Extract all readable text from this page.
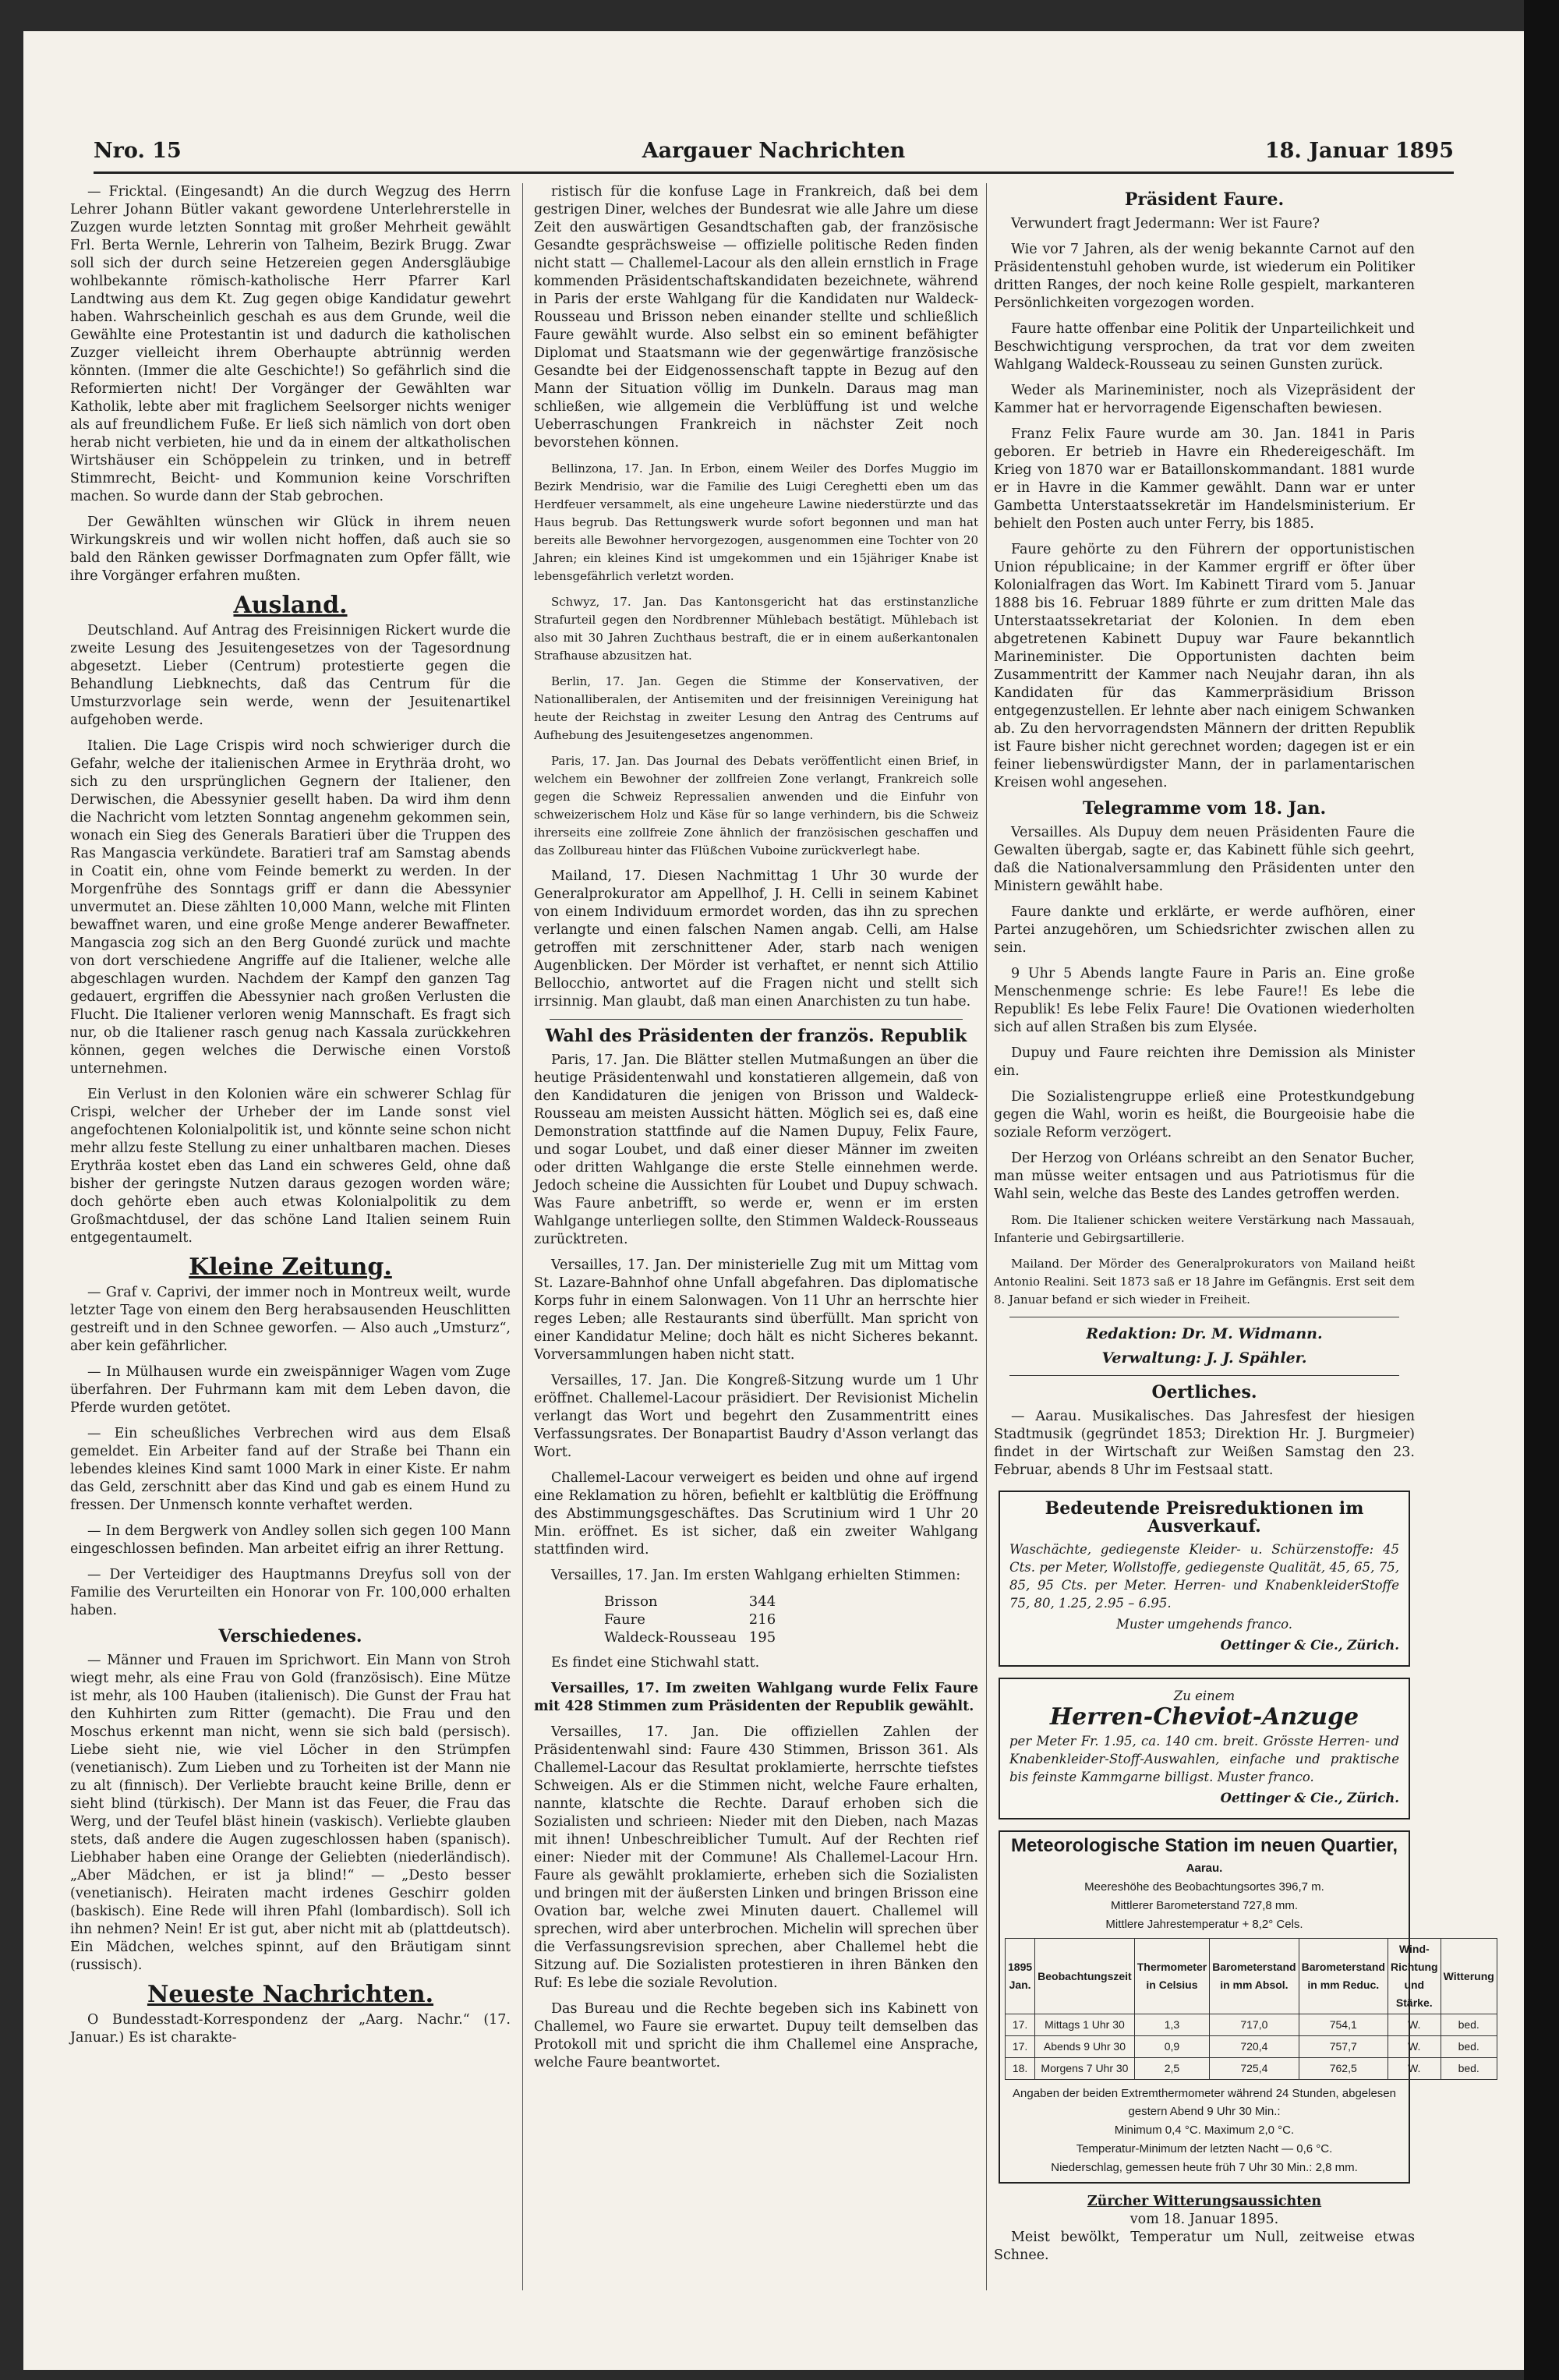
Nro. 15	Aargauer Nachrichten	18. Januar 1895

— Fricktal. (Eingesandt) An die durch Wegzug des Herrn Lehrer Johann Bütler vakant gewordene Unterlehrerstelle in Zuzgen wurde letzten Sonntag mit großer Mehrheit gewählt Frl. Berta Wernle, Lehrerin von Talheim, Bezirk Brugg. Zwar soll sich der durch seine Hetzereien gegen Andersgläubige wohlbekannte römisch-katholische Herr Pfarrer Karl Landtwing aus dem Kt. Zug gegen obige Kandidatur gewehrt haben. Wahrscheinlich geschah es aus dem Grunde, weil die Gewählte eine Protestantin ist und dadurch die katholischen Zuzger vielleicht ihrem Oberhaupte abtrünnig werden könnten. (Immer die alte Geschichte!) So gefährlich sind die Reformierten nicht! Der Vorgänger der Gewählten war Katholik, lebte aber mit fraglichem Seelsorger nichts weniger als auf freundlichem Fuße. Er ließ sich nämlich von dort oben herab nicht verbieten, hie und da in einem der altkatholischen Wirtshäuser ein Schöppelein zu trinken, und in betreff Stimmrecht, Beicht- und Kommunion keine Vorschriften machen. So wurde dann der Stab gebrochen.

Der Gewählten wünschen wir Glück in ihrem neuen Wirkungskreis und wir wollen nicht hoffen, daß auch sie so bald den Ränken gewisser Dorfmagnaten zum Opfer fällt, wie ihre Vorgänger erfahren mußten.

Ausland.

Deutschland. Auf Antrag des Freisinnigen Rickert wurde die zweite Lesung des Jesuitengesetzes von der Tagesordnung abgesetzt. Lieber (Centrum) protestierte gegen die Behandlung Liebknechts, daß das Centrum für die Umsturzvorlage sein werde, wenn der Jesuitenartikel aufgehoben werde.

Italien. Die Lage Crispis wird noch schwieriger durch die Gefahr, welche der italienischen Armee in Erythräa droht, wo sich zu den ursprünglichen Gegnern der Italiener, den Derwischen, die Abessynier gesellt haben. Da wird ihm denn die Nachricht vom letzten Sonntag angenehm gekommen sein, wonach ein Sieg des Generals Baratieri über die Truppen des Ras Mangascia verkündete. Baratieri traf am Samstag abends in Coatit ein, ohne vom Feinde bemerkt zu werden. In der Morgenfrühe des Sonntags griff er dann die Abessynier unvermutet an. Diese zählten 10,000 Mann, welche mit Flinten bewaffnet waren, und eine große Menge anderer Bewaffneter. Mangascia zog sich an den Berg Guondé zurück und machte von dort verschiedene Angriffe auf die Italiener, welche alle abgeschlagen wurden. Nachdem der Kampf den ganzen Tag gedauert, ergriffen die Abessynier nach großen Verlusten die Flucht. Die Italiener verloren wenig Mannschaft. Es fragt sich nur, ob die Italiener rasch genug nach Kassala zurückkehren können, gegen welches die Derwische einen Vorstoß unternehmen.

Ein Verlust in den Kolonien wäre ein schwerer Schlag für Crispi, welcher der Urheber der im Lande sonst viel angefochtenen Kolonialpolitik ist, und könnte seine schon nicht mehr allzu feste Stellung zu einer unhaltbaren machen. Dieses Erythräa kostet eben das Land ein schweres Geld, ohne daß bisher der geringste Nutzen daraus gezogen worden wäre; doch gehörte eben auch etwas Kolonialpolitik zu dem Großmachtdusel, der das schöne Land Italien seinem Ruin entgegentaumelt.

Kleine Zeitung.

— Graf v. Caprivi, der immer noch in Montreux weilt, wurde letzter Tage von einem den Berg herabsausenden Heuschlitten gestreift und in den Schnee geworfen. — Also auch „Umsturz“, aber kein gefährlicher.

— In Mülhausen wurde ein zweispänniger Wagen vom Zuge überfahren. Der Fuhrmann kam mit dem Leben davon, die Pferde wurden getötet.

— Ein scheußliches Verbrechen wird aus dem Elsaß gemeldet. Ein Arbeiter fand auf der Straße bei Thann ein lebendes kleines Kind samt 1000 Mark in einer Kiste. Er nahm das Geld, zerschnitt aber das Kind und gab es einem Hund zu fressen. Der Unmensch konnte verhaftet werden.

— In dem Bergwerk von Andley sollen sich gegen 100 Mann eingeschlossen befinden. Man arbeitet eifrig an ihrer Rettung.

— Der Verteidiger des Hauptmanns Dreyfus soll von der Familie des Verurteilten ein Honorar von Fr. 100,000 erhalten haben.

Verschiedenes.

— Männer und Frauen im Sprichwort. Ein Mann von Stroh wiegt mehr, als eine Frau von Gold (französisch). Eine Mütze ist mehr, als 100 Hauben (italienisch). Die Gunst der Frau hat den Kuhhirten zum Ritter (gemacht). Die Frau und den Moschus erkennt man nicht, wenn sie sich bald (persisch). Liebe sieht nie, wie viel Löcher in den Strümpfen (venetianisch). Zum Lieben und zu Torheiten ist der Mann nie zu alt (finnisch). Der Verliebte braucht keine Brille, denn er sieht blind (türkisch). Der Mann ist das Feuer, die Frau das Werg, und der Teufel bläst hinein (vaskisch). Verliebte glauben stets, daß andere die Augen zugeschlossen haben (spanisch). Liebhaber haben eine Orange der Geliebten (niederländisch). „Aber Mädchen, er ist ja blind!“ — „Desto besser (venetianisch). Heiraten macht irdenes Geschirr golden (baskisch). Eine Rede will ihren Pfahl (lombardisch). Soll ich ihn nehmen? Nein! Er ist gut, aber nicht mit ab (plattdeutsch). Ein Mädchen, welches spinnt, auf den Bräutigam sinnt (russisch).

Neueste Nachrichten.

O Bundesstadt-Korrespondenz der „Aarg. Nachr.“ (17. Januar.) Es ist charakte-

ristisch für die konfuse Lage in Frankreich, daß bei dem gestrigen Diner, welches der Bundesrat wie alle Jahre um diese Zeit den auswärtigen Gesandtschaften gab, der französische Gesandte gesprächsweise — offizielle politische Reden finden nicht statt — Challemel-Lacour als den allein ernstlich in Frage kommenden Präsidentschaftskandidaten bezeichnete, während in Paris der erste Wahlgang für die Kandidaten nur Waldeck-Rousseau und Brisson neben einander stellte und schließlich Faure gewählt wurde. Also selbst ein so eminent befähigter Diplomat und Staatsmann wie der gegenwärtige französische Gesandte bei der Eidgenossenschaft tappte in Bezug auf den Mann der Situation völlig im Dunkeln. Daraus mag man schließen, wie allgemein die Verblüffung ist und welche Ueberraschungen Frankreich in nächster Zeit noch bevorstehen können.

Bellinzona, 17. Jan. In Erbon, einem Weiler des Dorfes Muggio im Bezirk Mendrisio, war die Familie des Luigi Cereghetti eben um das Herdfeuer versammelt, als eine ungeheure Lawine niederstürzte und das Haus begrub. Das Rettungswerk wurde sofort begonnen und man hat bereits alle Bewohner hervorgezogen, ausgenommen eine Tochter von 20 Jahren; ein kleines Kind ist umgekommen und ein 15jähriger Knabe ist lebensgefährlich verletzt worden.

Schwyz, 17. Jan. Das Kantonsgericht hat das erstinstanzliche Strafurteil gegen den Nordbrenner Mühlebach bestätigt. Mühlebach ist also mit 30 Jahren Zuchthaus bestraft, die er in einem außerkantonalen Strafhause abzusitzen hat.

Berlin, 17. Jan. Gegen die Stimme der Konservativen, der Nationalliberalen, der Antisemiten und der freisinnigen Vereinigung hat heute der Reichstag in zweiter Lesung den Antrag des Centrums auf Aufhebung des Jesuitengesetzes angenommen.

Paris, 17. Jan. Das Journal des Debats veröffentlicht einen Brief, in welchem ein Bewohner der zollfreien Zone verlangt, Frankreich solle gegen die Schweiz Repressalien anwenden und die Einfuhr von schweizerischem Holz und Käse für so lange verhindern, bis die Schweiz ihrerseits eine zollfreie Zone ähnlich der französischen geschaffen und das Zollbureau hinter das Flüßchen Vuboine zurückverlegt habe.

Mailand, 17. Diesen Nachmittag 1 Uhr 30 wurde der Generalprokurator am Appellhof, J. H. Celli in seinem Kabinet von einem Individuum ermordet worden, das ihn zu sprechen verlangte und einen falschen Namen angab. Celli, am Halse getroffen mit zerschnittener Ader, starb nach wenigen Augenblicken. Der Mörder ist verhaftet, er nennt sich Attilio Bellocchio, antwortet auf die Fragen nicht und stellt sich irrsinnig. Man glaubt, daß man einen Anarchisten zu tun habe.

Wahl des Präsidenten der französ. Republik

Paris, 17. Jan. Die Blätter stellen Mutmaßungen an über die heutige Präsidentenwahl und konstatieren allgemein, daß von den Kandidaturen die jenigen von Brisson und Waldeck-Rousseau am meisten Aussicht hätten. Möglich sei es, daß eine Demonstration stattfinde auf die Namen Dupuy, Felix Faure, und sogar Loubet, und daß einer dieser Männer im zweiten oder dritten Wahlgange die erste Stelle einnehmen werde. Jedoch scheine die Aussichten für Loubet und Dupuy schwach. Was Faure anbetrifft, so werde er, wenn er im ersten Wahlgange unterliegen sollte, den Stimmen Waldeck-Rousseaus zurücktreten.

Versailles, 17. Jan. Der ministerielle Zug mit um Mittag vom St. Lazare-Bahnhof ohne Unfall abgefahren. Das diplomatische Korps fuhr in einem Salonwagen. Von 11 Uhr an herrschte hier reges Leben; alle Restaurants sind überfüllt. Man spricht von einer Kandidatur Meline; doch hält es nicht Sicheres bekannt. Vorversammlungen haben nicht statt.

Versailles, 17. Jan. Die Kongreß-Sitzung wurde um 1 Uhr eröffnet. Challemel-Lacour präsidiert. Der Revisionist Michelin verlangt das Wort und begehrt den Zusammentritt eines Verfassungsrates. Der Bonapartist Baudry d'Asson verlangt das Wort.

Challemel-Lacour verweigert es beiden und ohne auf irgend eine Reklamation zu hören, befiehlt er kaltblütig die Eröffnung des Abstimmungsgeschäftes. Das Scrutinium wird 1 Uhr 20 Min. eröffnet. Es ist sicher, daß ein zweiter Wahlgang stattfinden wird.

Versailles, 17. Jan. Im ersten Wahlgang erhielten Stimmen:

Brisson	344
Faure	216
Waldeck-Rousseau	195

Es findet eine Stichwahl statt.

Versailles, 17. Im zweiten Wahlgang wurde Felix Faure mit 428 Stimmen zum Präsidenten der Republik gewählt.

Versailles, 17. Jan. Die offiziellen Zahlen der Präsidentenwahl sind: Faure 430 Stimmen, Brisson 361. Als Challemel-Lacour das Resultat proklamierte, herrschte tiefstes Schweigen. Als er die Stimmen nicht, welche Faure erhalten, nannte, klatschte die Rechte. Darauf erhoben sich die Sozialisten und schrieen: Nieder mit den Dieben, nach Mazas mit ihnen! Unbeschreiblicher Tumult. Auf der Rechten rief einer: Nieder mit der Commune! Als Challemel-Lacour Hrn. Faure als gewählt proklamierte, erheben sich die Sozialisten und bringen mit der äußersten Linken und bringen Brisson eine Ovation bar, welche zwei Minuten dauert. Challemel will sprechen, wird aber unterbrochen. Michelin will sprechen über die Verfassungsrevision sprechen, aber Challemel hebt die Sitzung auf. Die Sozialisten protestieren in ihren Bänken den Ruf: Es lebe die soziale Revolution.

Das Bureau und die Rechte begeben sich ins Kabinett von Challemel, wo Faure sie erwartet. Dupuy teilt demselben das Protokoll mit und spricht die ihm Challemel eine Ansprache, welche Faure beantwortet.

Präsident Faure.

Verwundert fragt Jedermann: Wer ist Faure?

Wie vor 7 Jahren, als der wenig bekannte Carnot auf den Präsidentenstuhl gehoben wurde, ist wiederum ein Politiker dritten Ranges, der noch keine Rolle gespielt, markanteren Persönlichkeiten vorgezogen worden.

Faure hatte offenbar eine Politik der Unparteilichkeit und Beschwichtigung versprochen, da trat vor dem zweiten Wahlgang Waldeck-Rousseau zu seinen Gunsten zurück.

Weder als Marineminister, noch als Vizepräsident der Kammer hat er hervorragende Eigenschaften bewiesen.

Franz Felix Faure wurde am 30. Jan. 1841 in Paris geboren. Er betrieb in Havre ein Rhedereigeschäft. Im Krieg von 1870 war er Bataillonskommandant. 1881 wurde er in Havre in die Kammer gewählt. Dann war er unter Gambetta Unterstaatssekretär im Handelsministerium. Er behielt den Posten auch unter Ferry, bis 1885.

Faure gehörte zu den Führern der opportunistischen Union républicaine; in der Kammer ergriff er öfter über Kolonialfragen das Wort. Im Kabinett Tirard vom 5. Januar 1888 bis 16. Februar 1889 führte er zum dritten Male das Unterstaatssekretariat der Kolonien. In dem eben abgetretenen Kabinett Dupuy war Faure bekanntlich Marineminister. Die Opportunisten dachten beim Zusammentritt der Kammer nach Neujahr daran, ihn als Kandidaten für das Kammerpräsidium Brisson entgegenzustellen. Er lehnte aber nach einigem Schwanken ab. Zu den hervorragendsten Männern der dritten Republik ist Faure bisher nicht gerechnet worden; dagegen ist er ein feiner liebenswürdigster Mann, der in parlamentarischen Kreisen wohl angesehen.

Telegramme vom 18. Jan.

Versailles. Als Dupuy dem neuen Präsidenten Faure die Gewalten übergab, sagte er, das Kabinett fühle sich geehrt, daß die Nationalversammlung den Präsidenten unter den Ministern gewählt habe.

Faure dankte und erklärte, er werde aufhören, einer Partei anzugehören, um Schiedsrichter zwischen allen zu sein.

9 Uhr 5 Abends langte Faure in Paris an. Eine große Menschenmenge schrie: Es lebe Faure!! Es lebe die Republik! Es lebe Felix Faure! Die Ovationen wiederholten sich auf allen Straßen bis zum Elysée.

Dupuy und Faure reichten ihre Demission als Minister ein.

Die Sozialistengruppe erließ eine Protestkundgebung gegen die Wahl, worin es heißt, die Bourgeoisie habe die soziale Reform verzögert.

Der Herzog von Orléans schreibt an den Senator Bucher, man müsse weiter entsagen und aus Patriotismus für die Wahl sein, welche das Beste des Landes getroffen werden.

Rom. Die Italiener schicken weitere Verstärkung nach Massauah, Infanterie und Gebirgsartillerie.

Mailand. Der Mörder des Generalprokurators von Mailand heißt Antonio Realini. Seit 1873 saß er 18 Jahre im Gefängnis. Erst seit dem 8. Januar befand er sich wieder in Freiheit.

Redaktion: Dr. M. Widmann.
Verwaltung: J. J. Spähler.
Oertliches.

— Aarau. Musikalisches. Das Jahresfest der hiesigen Stadtmusik (gegründet 1853; Direktion Hr. J. Burgmeier) findet in der Wirtschaft zur Weißen Samstag den 23. Februar, abends 8 Uhr im Festsaal statt.

Bedeutende Preisreduktionen im Ausverkauf.

Waschächte, gediegenste Kleider- u. Schürzenstoffe: 45 Cts. per Meter, Wollstoffe, gediegenste Qualität, 45, 65, 75, 85, 95 Cts. per Meter. Herren- und KnabenkleiderStoffe 75, 80, 1.25, 2.95 – 6.95.

Muster umgehends franco.

Oettinger & Cie., Zürich.

Zu einem

Herren-Cheviot-Anzuge

per Meter Fr. 1.95, ca. 140 cm. breit. Grösste Herren- und Knabenkleider-Stoff-Auswahlen, einfache und praktische bis feinste Kammgarne billigst. Muster franco.

Oettinger & Cie., Zürich.

Meteorologische Station im neuen Quartier,
Aarau.
Meereshöhe des Beobachtungsortes 396,7 m.
Mittlerer Barometerstand 727,8 mm.
Mittlere Jahrestemperatur + 8,2° Cels.
1895 Jan.	Beobachtungszeit	Thermometer in Celsius	Barometerstand in mm Absol.	Barometerstand in mm Reduc.	Wind-Richtung und Stärke.	Witterung
17.	Mittags 1 Uhr 30	1,3	717,0	754,1	W.	bed.
17.	Abends 9 Uhr 30	0,9	720,4	757,7	W.	bed.
18.	Morgens 7 Uhr 30	2,5	725,4	762,5	W.	bed.
Angaben der beiden Extremthermometer während 24 Stunden, abgelesen gestern Abend 9 Uhr 30 Min.:
Minimum 0,4 °C. Maximum 2,0 °C.
Temperatur-Minimum der letzten Nacht — 0,6 °C.
Niederschlag, gemessen heute früh 7 Uhr 30 Min.: 2,8 mm.
Zürcher Witterungsaussichten
vom 18. Januar 1895.

Meist bewölkt, Temperatur um Null, zeitweise etwas Schnee.
